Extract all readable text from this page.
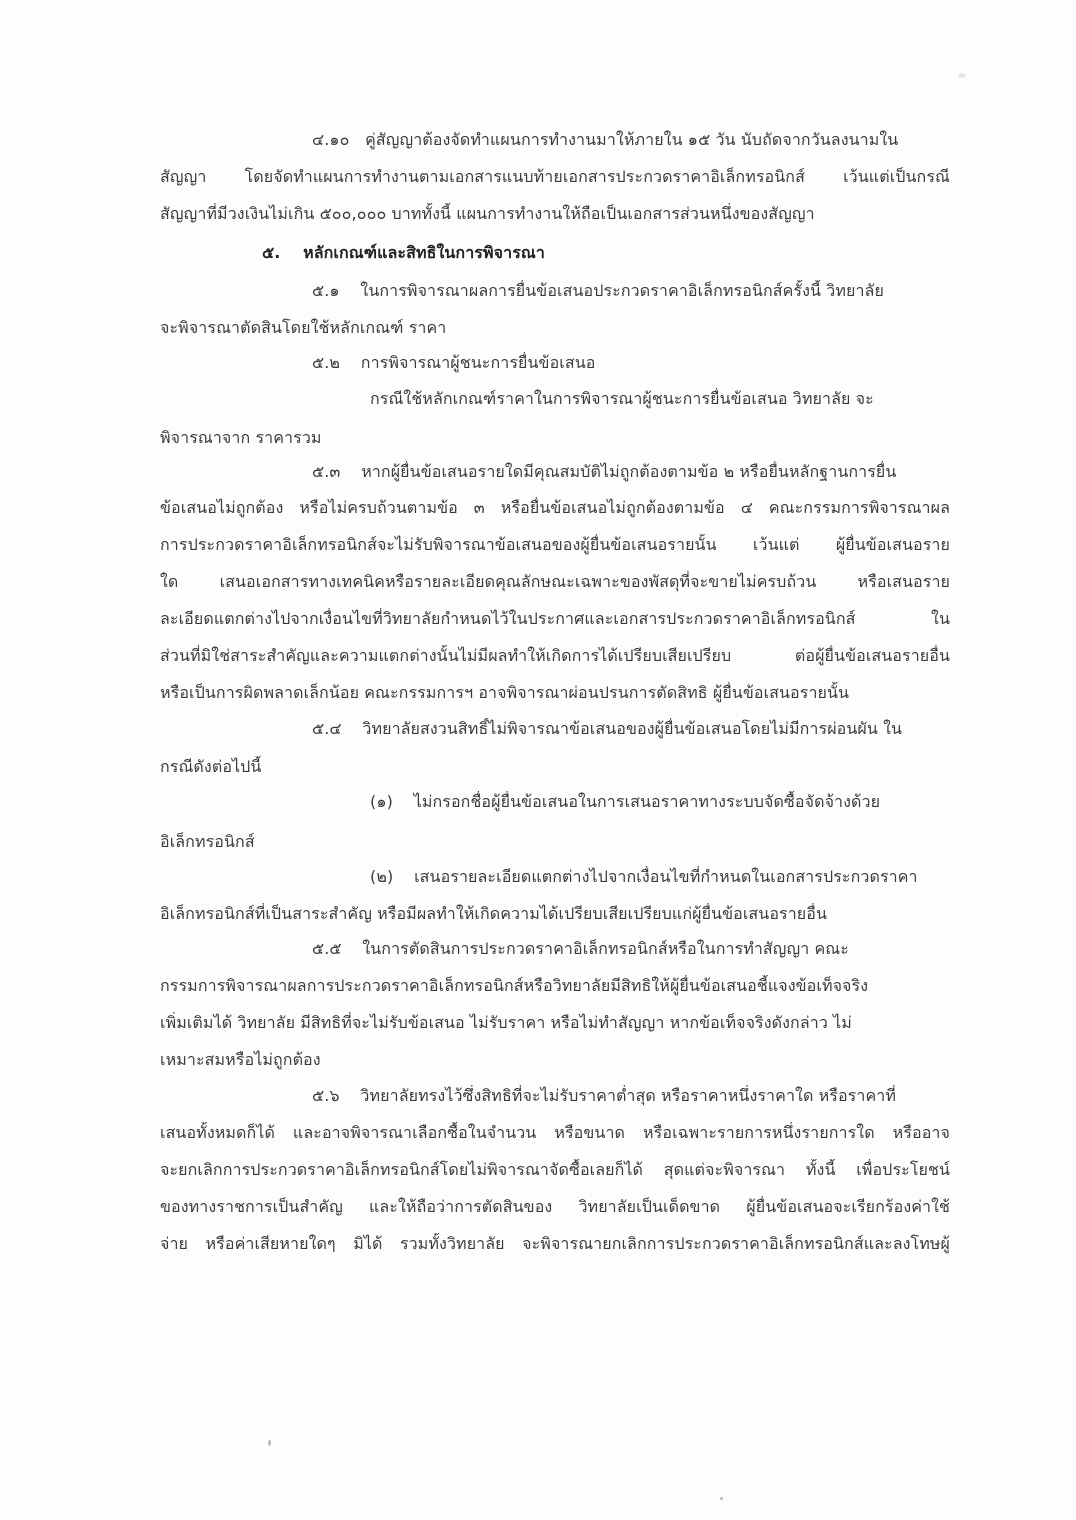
๔.๑๐ คู่สัญญาต้องจัดทำแผนการทำงานมาให้ภายใน ๑๕ วัน นับถัดจากวันลงนามใน
สัญญา โดยจัดทำแผนการทำงานตามเอกสารแนบท้ายเอกสารประกวดราคาอิเล็กทรอนิกส์ เว้นแต่เป็นกรณี
สัญญาที่มีวงเงินไม่เกิน ๕๐๐,๐๐๐ บาททั้งนี้ แผนการทำงานให้ถือเป็นเอกสารส่วนหนึ่งของสัญญา
๕. หลักเกณฑ์และสิทธิในการพิจารณา
๕.๑ ในการพิจารณาผลการยื่นข้อเสนอประกวดราคาอิเล็กทรอนิกส์ครั้งนี้ วิทยาลัย
จะพิจารณาตัดสินโดยใช้หลักเกณฑ์ ราคา
๕.๒ การพิจารณาผู้ชนะการยื่นข้อเสนอ
กรณีใช้หลักเกณฑ์ราคาในการพิจารณาผู้ชนะการยื่นข้อเสนอ วิทยาลัย จะ
พิจารณาจาก ราคารวม
๕.๓ หากผู้ยื่นข้อเสนอรายใดมีคุณสมบัติไม่ถูกต้องตามข้อ ๒ หรือยื่นหลักฐานการยื่น
ข้อเสนอไม่ถูกต้อง หรือไม่ครบถ้วนตามข้อ ๓ หรือยื่นข้อเสนอไม่ถูกต้องตามข้อ ๔ คณะกรรมการพิจารณาผล
การประกวดราคาอิเล็กทรอนิกส์จะไม่รับพิจารณาข้อเสนอของผู้ยื่นข้อเสนอรายนั้น เว้นแต่ ผู้ยื่นข้อเสนอราย
ใด เสนอเอกสารทางเทคนิคหรือรายละเอียดคุณลักษณะเฉพาะของพัสดุที่จะขายไม่ครบถ้วน หรือเสนอราย
ละเอียดแตกต่างไปจากเงื่อนไขที่วิทยาลัยกำหนดไว้ในประกาศและเอกสารประกวดราคาอิเล็กทรอนิกส์ ใน
ส่วนที่มิใช่สาระสำคัญและความแตกต่างนั้นไม่มีผลทำให้เกิดการได้เปรียบเสียเปรียบ ต่อผู้ยื่นข้อเสนอรายอื่น
หรือเป็นการผิดพลาดเล็กน้อย คณะกรรมการฯ อาจพิจารณาผ่อนปรนการตัดสิทธิ ผู้ยื่นข้อเสนอรายนั้น
๕.๔ วิทยาลัยสงวนสิทธิ์ไม่พิจารณาข้อเสนอของผู้ยื่นข้อเสนอโดยไม่มีการผ่อนผัน ใน
กรณีดังต่อไปนี้
(๑) ไม่กรอกชื่อผู้ยื่นข้อเสนอในการเสนอราคาทางระบบจัดซื้อจัดจ้างด้วย
อิเล็กทรอนิกส์
(๒) เสนอรายละเอียดแตกต่างไปจากเงื่อนไขที่กำหนดในเอกสารประกวดราคา
อิเล็กทรอนิกส์ที่เป็นสาระสำคัญ หรือมีผลทำให้เกิดความได้เปรียบเสียเปรียบแก่ผู้ยื่นข้อเสนอรายอื่น
๕.๕ ในการตัดสินการประกวดราคาอิเล็กทรอนิกส์หรือในการทำสัญญา คณะ
กรรมการพิจารณาผลการประกวดราคาอิเล็กทรอนิกส์หรือวิทยาลัยมีสิทธิให้ผู้ยื่นข้อเสนอชี้แจงข้อเท็จจริง
เพิ่มเติมได้ วิทยาลัย มีสิทธิที่จะไม่รับข้อเสนอ ไม่รับราคา หรือไม่ทำสัญญา หากข้อเท็จจริงดังกล่าว ไม่
เหมาะสมหรือไม่ถูกต้อง
๕.๖ วิทยาลัยทรงไว้ซึ่งสิทธิที่จะไม่รับราคาต่ำสุด หรือราคาหนึ่งราคาใด หรือราคาที่
เสนอทั้งหมดก็ได้ และอาจพิจารณาเลือกซื้อในจำนวน หรือขนาด หรือเฉพาะรายการหนึ่งรายการใด หรืออาจ
จะยกเลิกการประกวดราคาอิเล็กทรอนิกส์โดยไม่พิจารณาจัดซื้อเลยก็ได้ สุดแต่จะพิจารณา ทั้งนี้ เพื่อประโยชน์
ของทางราชการเป็นสำคัญ และให้ถือว่าการตัดสินของ วิทยาลัยเป็นเด็ดขาด ผู้ยื่นข้อเสนอจะเรียกร้องค่าใช้
จ่าย หรือค่าเสียหายใดๆ มิได้ รวมทั้งวิทยาลัย จะพิจารณายกเลิกการประกวดราคาอิเล็กทรอนิกส์และลงโทษผู้
